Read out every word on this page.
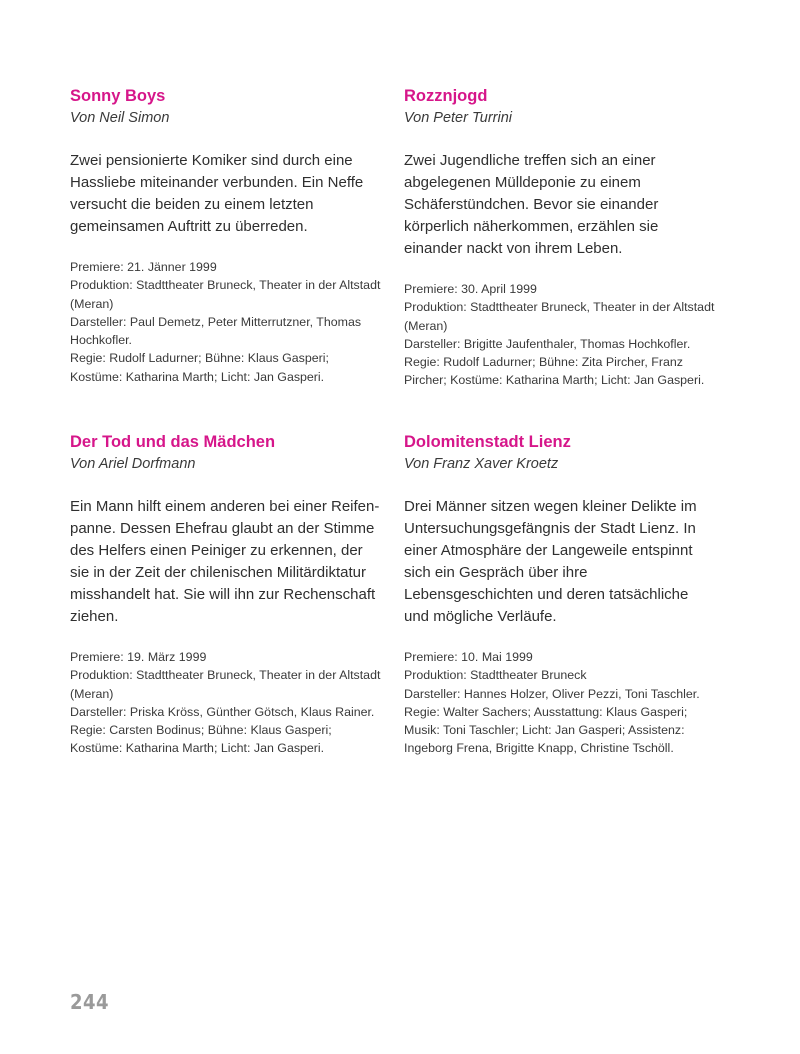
Sonny Boys

Von Neil Simon

Zwei pensionierte Komiker sind durch eine Hassliebe miteinander verbunden. Ein Neffe versucht die beiden zu einem letzten gemeinsamen Auftritt zu überreden.

Premiere: 21. Jänner 1999

Produktion: Stadttheater Bruneck, Theater in der Altstadt (Meran)

Darsteller: Paul Demetz, Peter Mitterrutzner, Thomas Hochkofler.

Regie: Rudolf Ladurner; Bühne: Klaus Gasperi; Kostüme: Katharina Marth; Licht: Jan Gasperi.

Rozznjogd

Von Peter Turrini

Zwei Jugendliche treffen sich an einer abgelegenen Mülldeponie zu einem Schäferstündchen. Bevor sie einander körperlich näherkommen, erzählen sie einander nackt von ihrem Leben.

Premiere: 30. April 1999

Produktion: Stadttheater Bruneck, Theater in der Altstadt (Meran)

Darsteller: Brigitte Jaufenthaler, Thomas Hochkofler.

Regie: Rudolf Ladurner; Bühne: Zita Pircher, Franz Pircher; Kostüme: Katharina Marth; Licht: Jan Gasperi.

Der Tod und das Mädchen

Von Ariel Dorfmann

Ein Mann hilft einem anderen bei einer Reifen-panne. Dessen Ehefrau glaubt an der Stimme des Helfers einen Peiniger zu erkennen, der sie in der Zeit der chilenischen Militärdiktatur misshandelt hat. Sie will ihn zur Rechenschaft ziehen.

Premiere: 19. März 1999

Produktion: Stadttheater Bruneck, Theater in der Altstadt (Meran)

Darsteller: Priska Kröss, Günther Götsch, Klaus Rainer.

Regie: Carsten Bodinus; Bühne: Klaus Gasperi; Kostüme: Katharina Marth; Licht: Jan Gasperi.

Dolomitenstadt Lienz

Von Franz Xaver Kroetz

Drei Männer sitzen wegen kleiner Delikte im Untersuchungsgefängnis der Stadt Lienz. In einer Atmosphäre der Langeweile entspinnt sich ein Gespräch über ihre Lebensgeschichten und deren tatsächliche und mögliche Verläufe.

Premiere: 10. Mai 1999

Produktion: Stadttheater Bruneck

Darsteller: Hannes Holzer, Oliver Pezzi, Toni Taschler.

Regie: Walter Sachers; Ausstattung: Klaus Gasperi; Musik: Toni Taschler; Licht: Jan Gasperi; Assistenz: Ingeborg Frena, Brigitte Knapp, Christine Tschöll.

244
